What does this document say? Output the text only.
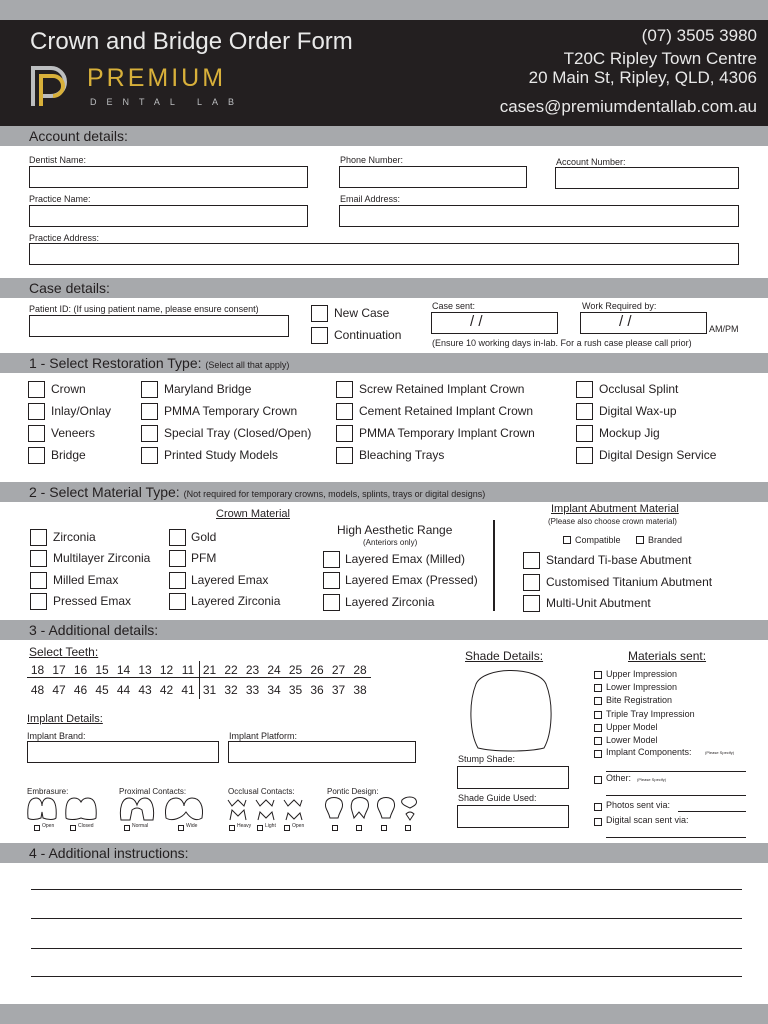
Crown and Bridge Order Form
PREMIUM
DENTAL LAB
(07) 3505 3980
T20C Ripley Town Centre
20 Main St, Ripley, QLD, 4306
cases@premiumdentallab.com.au
Account details:
Dentist Name:	Phone Number:	Account Number:
Practice Name:	Email Address:
Practice Address:
Case details:
Patient ID: (If using patient name, please ensure consent)	New Case
Continuation
Case sent:
/ /
Work Required by:
/ /	AM/PM
(Ensure 10 working days in-lab. For a rush case please call prior)
1 - Select Restoration Type: (Select all that apply)
2 - Select Material Type: (Not required for temporary crowns, models, splints, trays or digital designs)
Crown Material
High Aesthetic Range
(Anteriors only)
Implant Abutment Material
(Please also choose crown material)
Compatible	Branded
3 - Additional details:
Select Teeth:
Implant Details:
Implant Brand:	Implant Platform:
Embrasure:	Proximal Contacts:	Occlusal Contacts:	Pontic Design:
Shade Details:
Stump Shade:
Shade Guide Used:
Materials sent:
4 - Additional instructions:
Crown
Inlay/Onlay
Veneers
Bridge
Maryland Bridge
PMMA Temporary Crown
Special Tray (Closed/Open)
Printed Study Models
Screw Retained Implant Crown
Cement Retained Implant Crown
PMMA Temporary Implant Crown
Bleaching Trays
Occlusal Splint
Digital Wax-up
Mockup Jig
Digital Design Service
Zirconia
Multilayer Zirconia
Milled Emax
Pressed Emax
Gold
PFM
Layered Emax
Layered Zirconia
Layered Emax (Milled)
Layered Emax (Pressed)
Layered Zirconia
Standard Ti-base Abutment
Customised Titanium Abutment
Multi-Unit Abutment
18 17 16 15 14 13 12 11 21 22 23 24 25 26 27 28
48 47 46 45 44 43 42 41 31 32 33 34 35 36 37 38
Open	Closed	Normal	Wide	Heavy	Light	Open
Upper Impression
Lower Impression
Bite Registration
Triple Tray Impression
Upper Model
Lower Model
Implant Components:	(Please Specify)
Other: (Please Specify)
Photos sent via:
Digital scan sent via:
